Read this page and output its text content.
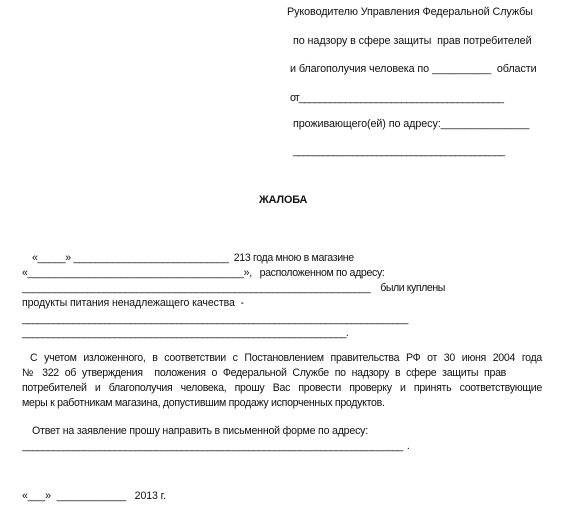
Руководителю Управления Федеральной Службы
по надзору в сфере защиты  прав потребителей
и благополучия человека по __________  области
от________________________________________
проживающего(ей) по адресу:_______________
___________________________________________
ЖАЛОБА
«_____» ____________________________  213 года мною в магазине
«_______________________________________»,   расположенном по адресу:
________________________________________________________________    были куплены
продукты питания ненадлежащего качества  -
___________________________________________________________________________
_______________________________________________________________.
С учетом изложенного, в соответствии с Постановлением правительства РФ от 30 июня 2004 года
№ 322 об утверждения  положения о Федеральной Службе по надзору в сфере защиты прав
потребителей и благополучия человека, прошу Вас провести проверку и принять соответствующие
меры к работникам магазина, допустившим продажу испорченных продуктов.
Ответ на заявление прошу направить в письменной форме по адресу:
__________________________________________________________________________  .
«___»  ____________   2013 г.
